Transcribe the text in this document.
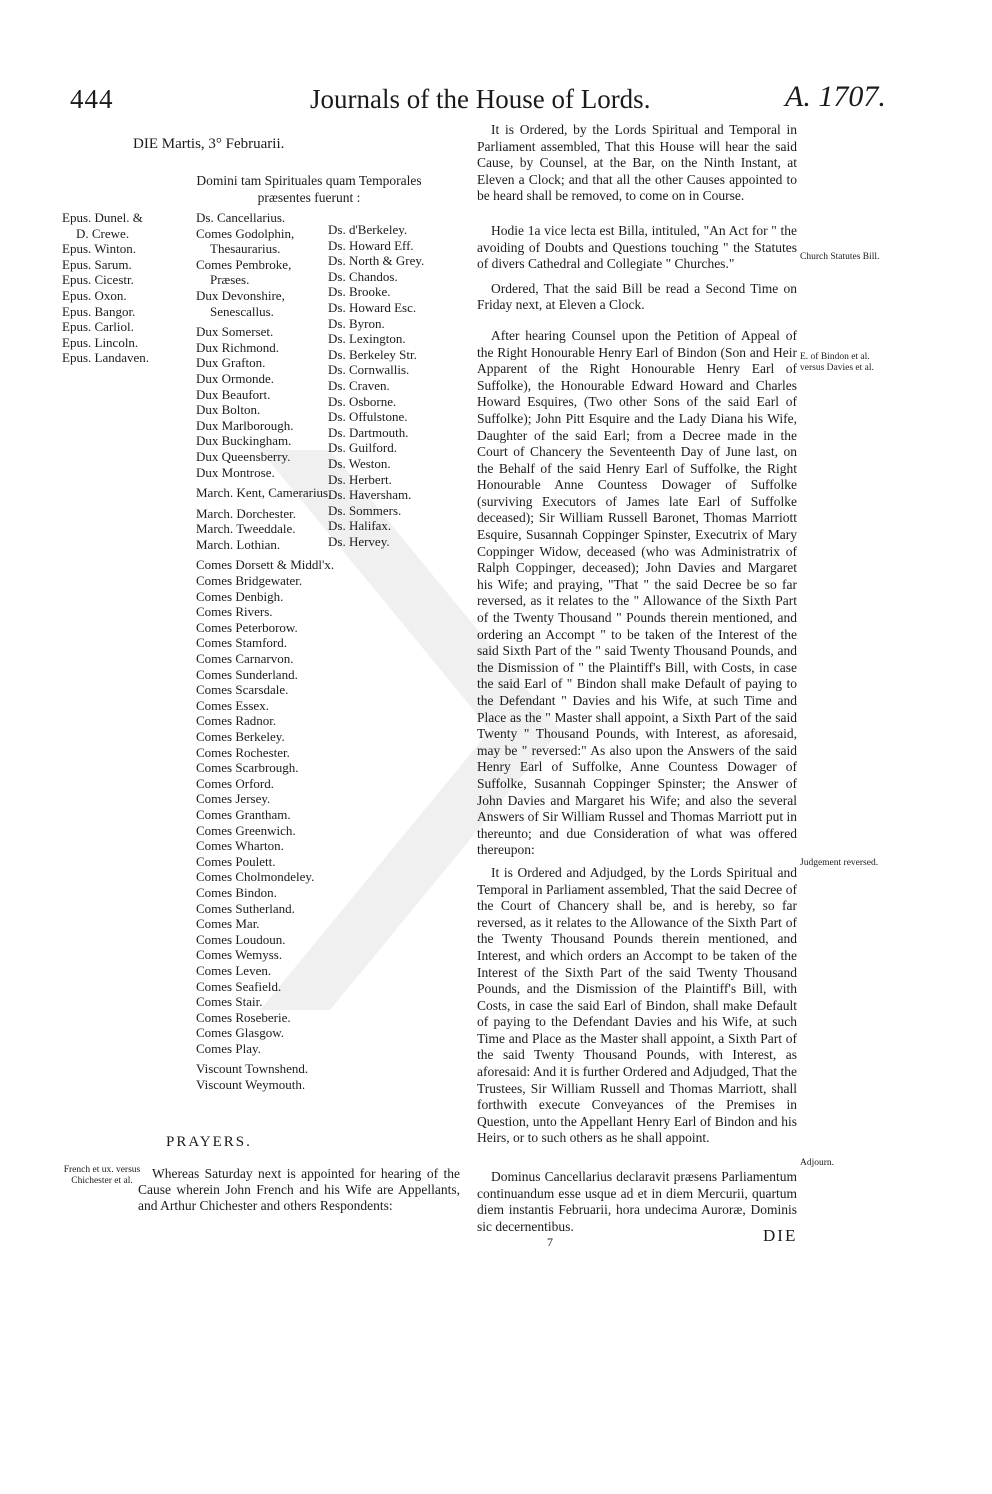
444	Journals of the House of Lords.	A. 1707.
DIE Martis, 3° Februarii.
Domini tam Spirituales quam Temporales præsentes fuerunt :
Epus. Dunel. &
D. Crewe.
Epus. Winton.
Epus. Sarum.
Epus. Cicestr.
Epus. Oxon.
Epus. Bangor.
Epus. Carliol.
Epus. Lincoln.
Epus. Landaven.
Ds. Cancellarius.
Comes Godolphin,
Thesaurarius.
Comes Pembroke,
Præses.
Dux Devonshire,
Senescallus.
Dux Somerset.
Dux Richmond.
Dux Grafton.
Dux Ormonde.
Dux Beaufort.
Dux Bolton.
Dux Marlborough.
Dux Buckingham.
Dux Queensberry.
Dux Montrose.
March. Kent, Camerarius.
March. Dorchester.
March. Tweeddale.
March. Lothian.
Comes Dorsett & Middl'x.
Comes Bridgewater.
Comes Denbigh.
Comes Rivers.
Comes Peterborow.
Comes Stamford.
Comes Carnarvon.
Comes Sunderland.
Comes Scarsdale.
Comes Essex.
Comes Radnor.
Comes Berkeley.
Comes Rochester.
Comes Scarbrough.
Comes Orford.
Comes Jersey.
Comes Grantham.
Comes Greenwich.
Comes Wharton.
Comes Poulett.
Comes Cholmondeley.
Comes Bindon.
Comes Sutherland.
Comes Mar.
Comes Loudoun.
Comes Wemyss.
Comes Leven.
Comes Seafield.
Comes Stair.
Comes Roseberie.
Comes Glasgow.
Comes Play.
Viscount Townshend.
Viscount Weymouth.
Ds. d'Berkeley.
Ds. Howard Eff.
Ds. North & Grey.
Ds. Chandos.
Ds. Brooke.
Ds. Howard Esc.
Ds. Byron.
Ds. Lexington.
Ds. Berkeley Str.
Ds. Cornwallis.
Ds. Craven.
Ds. Osborne.
Ds. Offulstone.
Ds. Dartmouth.
Ds. Guilford.
Ds. Weston.
Ds. Herbert.
Ds. Haversham.
Ds. Sommers.
Ds. Halifax.
Ds. Hervey.
PRAYERS.
French et ux. versus Chichester et al.	Whereas Saturday next is appointed for hearing of the Cause wherein John French and his Wife are Appellants, and Arthur Chichester and others Respondents:

It is Ordered, by the Lords Spiritual and Temporal in Parliament assembled, That this House will hear the said Cause, by Counsel, at the Bar, on the Ninth Instant, at Eleven a Clock; and that all the other Causes appointed to be heard shall be removed, to come on in Course.

Hodie 1a vice lecta est Billa, intituled, "An Act for " the avoiding of Doubts and Questions touching " the Statutes of divers Cathedral and Collegiate " Churches."

Ordered, That the said Bill be read a Second Time on Friday next, at Eleven a Clock.

After hearing Counsel upon the Petition of Appeal of the Right Honourable Henry Earl of Bindon (Son and Heir Apparent of the Right Honourable Henry Earl of Suffolke), the Honourable Edward Howard and Charles Howard Esquires, (Two other Sons of the said Earl of Suffolke); John Pitt Esquire and the Lady Diana his Wife, Daughter of the said Earl; from a Decree made in the Court of Chancery the Seventeenth Day of June last, on the Behalf of the said Henry Earl of Suffolke, the Right Honourable Anne Countess Dowager of Suffolke (surviving Executors of James late Earl of Suffolke deceased); Sir William Russell Baronet, Thomas Marriott Esquire, Susannah Coppinger Spinster, Executrix of Mary Coppinger Widow, deceased (who was Administratrix of Ralph Coppinger, deceased); John Davies and Margaret his Wife; and praying, "That " the said Decree be so far reversed, as it relates to the " Allowance of the Sixth Part of the Twenty Thousand " Pounds therein mentioned, and ordering an Accompt " to be taken of the Interest of the said Sixth Part of the " said Twenty Thousand Pounds, and the Dismission of " the Plaintiff's Bill, with Costs, in case the said Earl of " Bindon shall make Default of paying to the Defendant " Davies and his Wife, at such Time and Place as the " Master shall appoint, a Sixth Part of the said Twenty " Thousand Pounds, with Interest, as aforesaid, may be " reversed:" As also upon the Answers of the said Henry Earl of Suffolke, Anne Countess Dowager of Suffolke, Susannah Coppinger Spinster; the Answer of John Davies and Margaret his Wife; and also the several Answers of Sir William Russel and Thomas Marriott put in thereunto; and due Consideration of what was offered thereupon:

It is Ordered and Adjudged, by the Lords Spiritual and Temporal in Parliament assembled, That the said Decree of the Court of Chancery shall be, and is hereby, so far reversed, as it relates to the Allowance of the Sixth Part of the Twenty Thousand Pounds therein mentioned, and Interest, and which orders an Accompt to be taken of the Interest of the Sixth Part of the said Twenty Thousand Pounds, and the Dismission of the Plaintiff's Bill, with Costs, in case the said Earl of Bindon, shall make Default of paying to the Defendant Davies and his Wife, at such Time and Place as the Master shall appoint, a Sixth Part of the said Twenty Thousand Pounds, with Interest, as aforesaid: And it is further Ordered and Adjudged, That the Trustees, Sir William Russell and Thomas Marriott, shall forthwith execute Conveyances of the Premises in Question, unto the Appellant Henry Earl of Bindon and his Heirs, or to such others as he shall appoint.

Dominus Cancellarius declaravit præsens Parliamentum continuandum esse usque ad et in diem Mercurii, quartum diem instantis Februarii, hora undecima Auroræ, Dominis sic decernentibus.

Church Statutes Bill.
E. of Bindon et al. versus Davies et al.
Judgement reversed.
Adjourn.
7	DIE
